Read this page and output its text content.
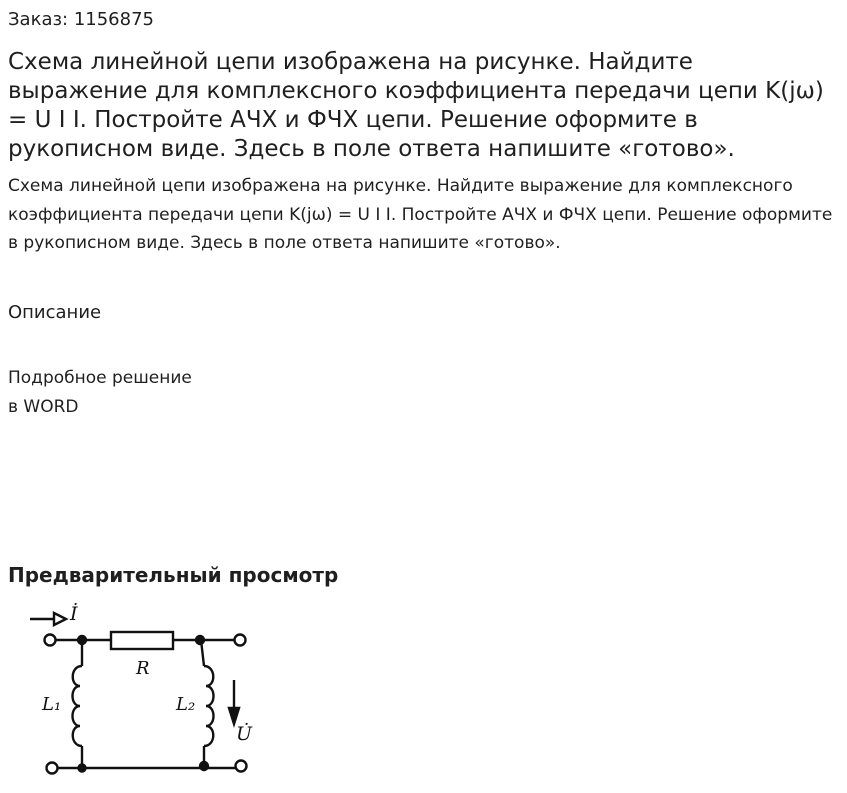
Заказ: 1156875
Схема линейной цепи изображена на рисунке. Найдите выражение для комплексного коэффициента передачи цепи K(jω) = U I I. Постройте АЧХ и ФЧХ цепи. Решение оформите в рукописном виде. Здесь в поле ответа напишите «готово».
Схема линейной цепи изображена на рисунке. Найдите выражение для комплексного коэффициента передачи цепи K(jω) = U I I. Постройте АЧХ и ФЧХ цепи. Решение оформите в рукописном виде. Здесь в поле ответа напишите «готово».
Описание
Подробное решение
в WORD
Предварительный просмотр
İ
R
L₁	L₂
U̇
